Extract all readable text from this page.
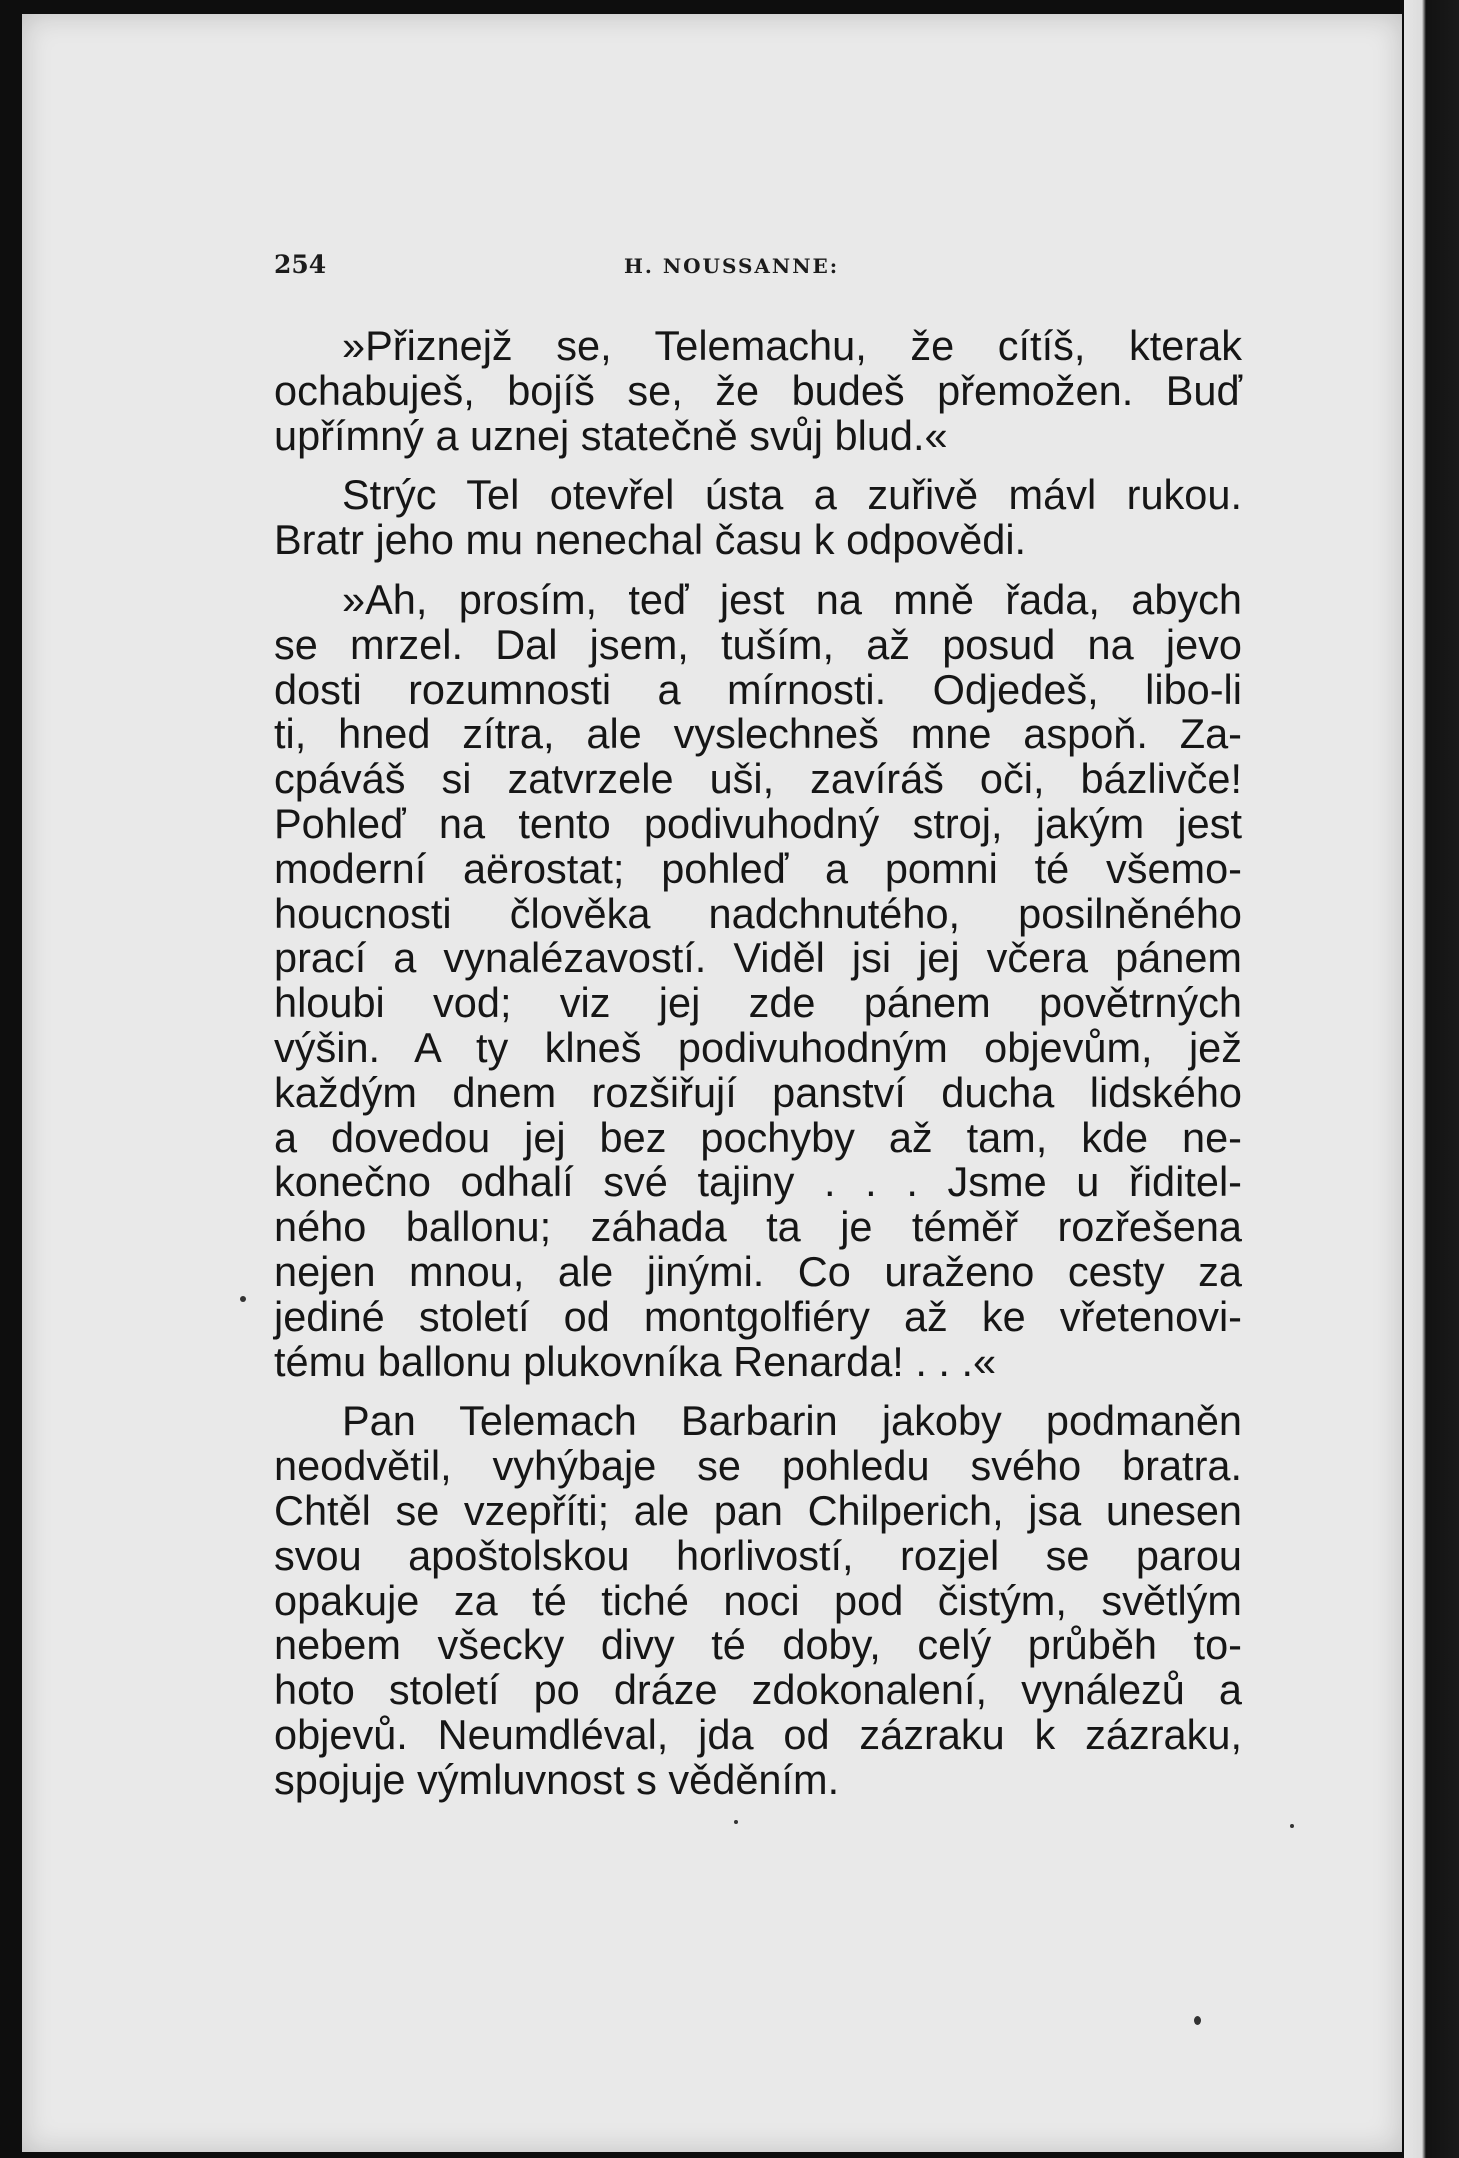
254	H. NOUSSANNE:

»Přiznejž se, Telemachu, že cítíš, kterak
ochabuješ, bojíš se, že budeš přemožen. Buď
upřímný a uznej statečně svůj blud.«

Strýc Tel otevřel ústa a zuřivě mávl rukou.
Bratr jeho mu nenechal času k odpovědi.

»Ah, prosím, teď jest na mně řada, abych
se mrzel. Dal jsem, tuším, až posud na jevo
dosti rozumnosti a mírnosti. Odjedeš, libo-li
ti, hned zítra, ale vyslechneš mne aspoň. Za-
cpáváš si zatvrzele uši, zavíráš oči, bázlivče!
Pohleď na tento podivuhodný stroj, jakým jest
moderní aërostat; pohleď a pomni té všemo-
houcnosti člověka nadchnutého, posilněného
prací a vynalézavostí. Viděl jsi jej včera pánem
hloubi vod; viz jej zde pánem povětrných
výšin. A ty klneš podivuhodným objevům, jež
každým dnem rozšiřují panství ducha lidského
a dovedou jej bez pochyby až tam, kde ne-
konečno odhalí své tajiny . . . Jsme u řiditel-
ného ballonu; záhada ta je téměř rozřešena
nejen mnou, ale jinými. Co uraženo cesty za
jediné století od montgolfiéry až ke vřetenovi-
tému ballonu plukovníka Renarda! . . .«

Pan Telemach Barbarin jakoby podmaněn
neodvětil, vyhýbaje se pohledu svého bratra.
Chtěl se vzepříti; ale pan Chilperich, jsa unesen
svou apoštolskou horlivostí, rozjel se parou
opakuje za té tiché noci pod čistým, světlým
nebem všecky divy té doby, celý průběh to-
hoto století po dráze zdokonalení, vynálezů a
objevů. Neumdléval, jda od zázraku k zázraku,
spojuje výmluvnost s věděním.
